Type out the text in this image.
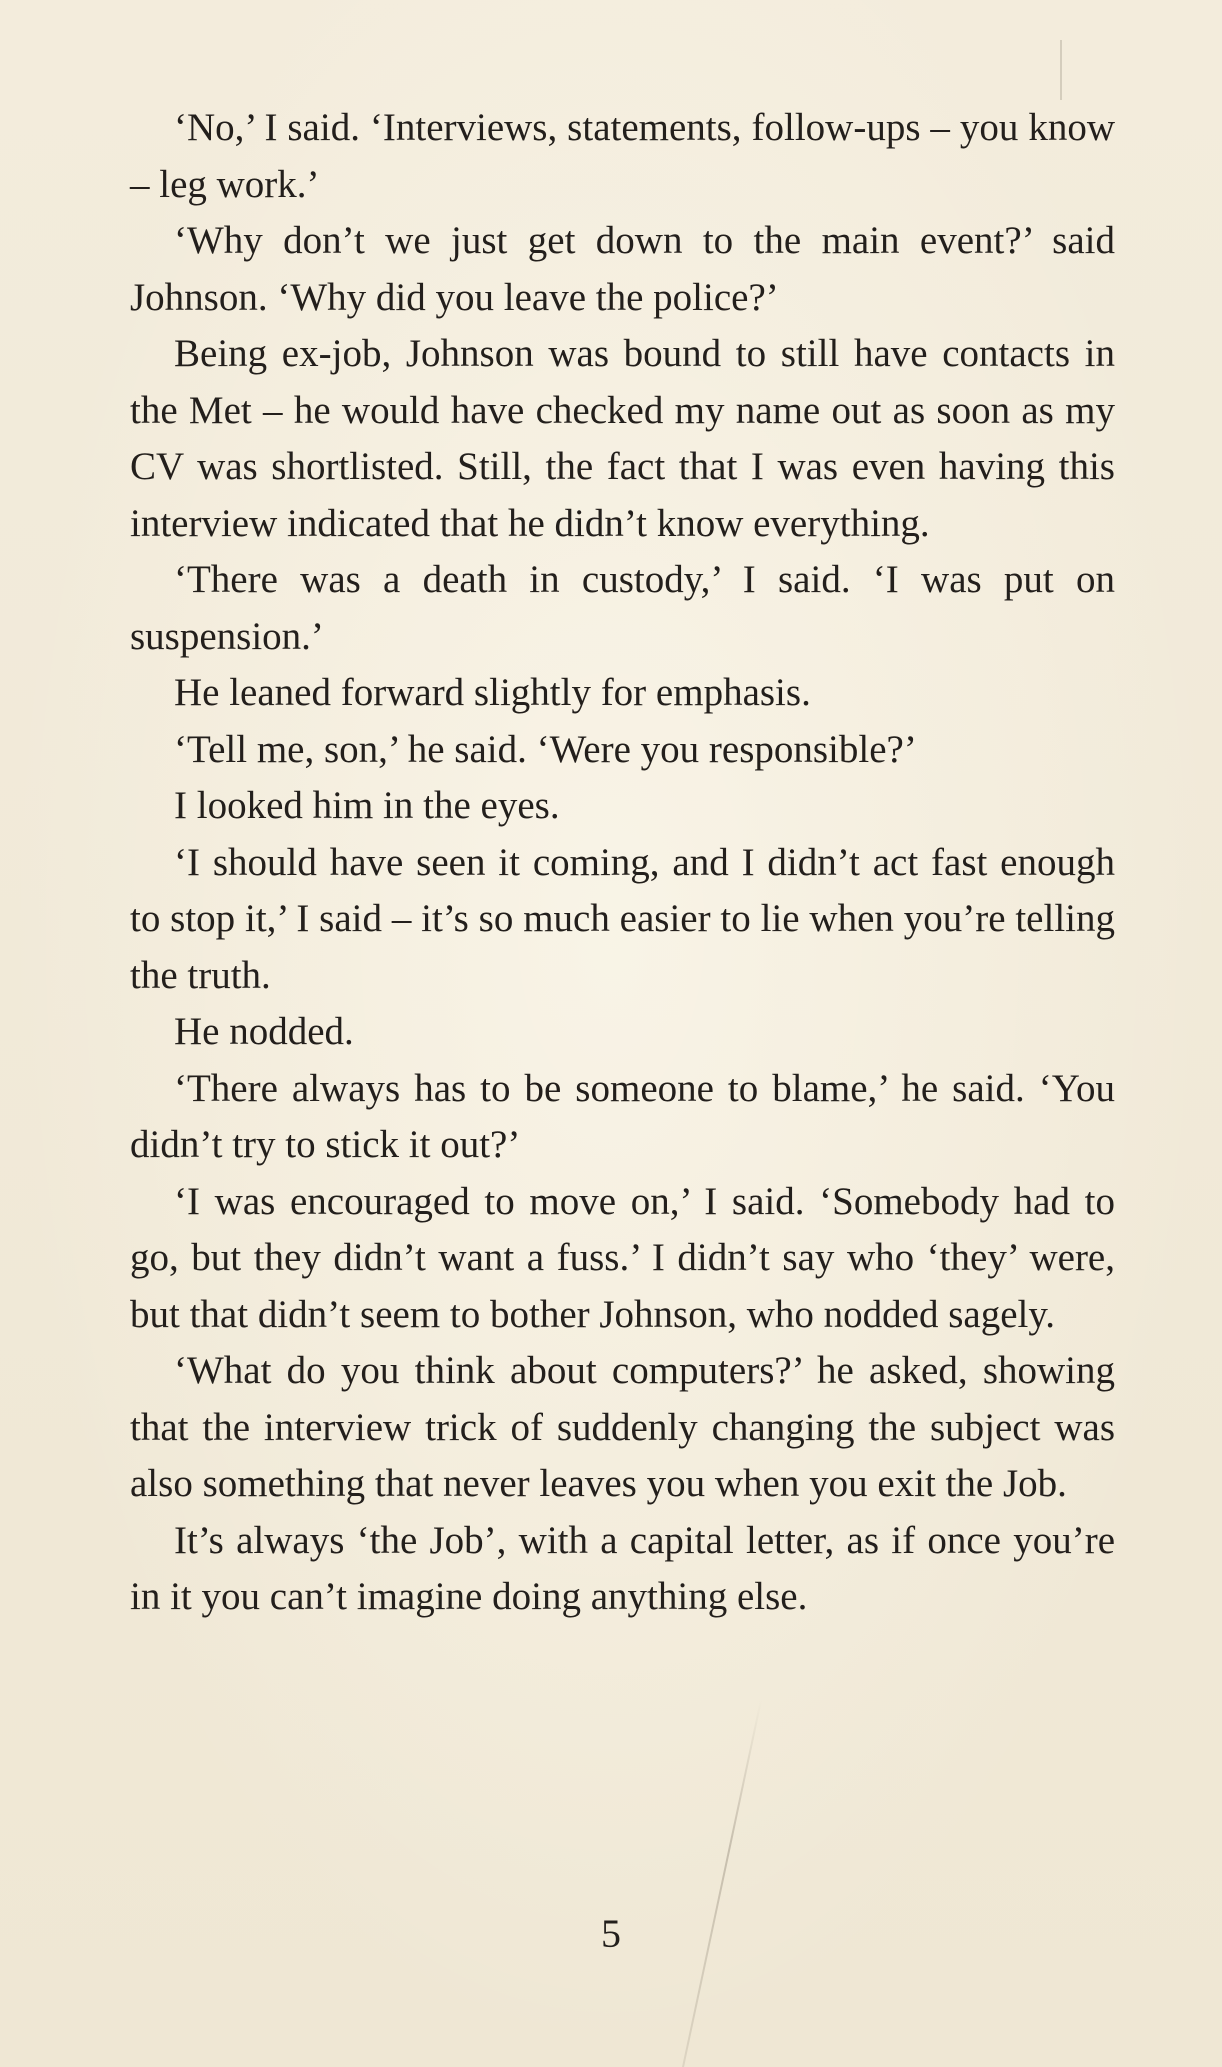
‘No,’ I said. ‘Interviews, statements, follow-ups – you know – leg work.’

‘Why don’t we just get down to the main event?’ said Johnson. ‘Why did you leave the police?’

Being ex-job, Johnson was bound to still have contacts in the Met – he would have checked my name out as soon as my CV was shortlisted. Still, the fact that I was even having this interview indicated that he didn’t know everything.

‘There was a death in custody,’ I said. ‘I was put on suspension.’

He leaned forward slightly for emphasis.

‘Tell me, son,’ he said. ‘Were you responsible?’

I looked him in the eyes.

‘I should have seen it coming, and I didn’t act fast enough to stop it,’ I said – it’s so much easier to lie when you’re telling the truth.

He nodded.

‘There always has to be someone to blame,’ he said. ‘You didn’t try to stick it out?’

‘I was encouraged to move on,’ I said. ‘Somebody had to go, but they didn’t want a fuss.’ I didn’t say who ‘they’ were, but that didn’t seem to bother Johnson, who nodded sagely.

‘What do you think about computers?’ he asked, showing that the interview trick of suddenly changing the subject was also something that never leaves you when you exit the Job.

It’s always ‘the Job’, with a capital letter, as if once you’re in it you can’t imagine doing anything else.

5
